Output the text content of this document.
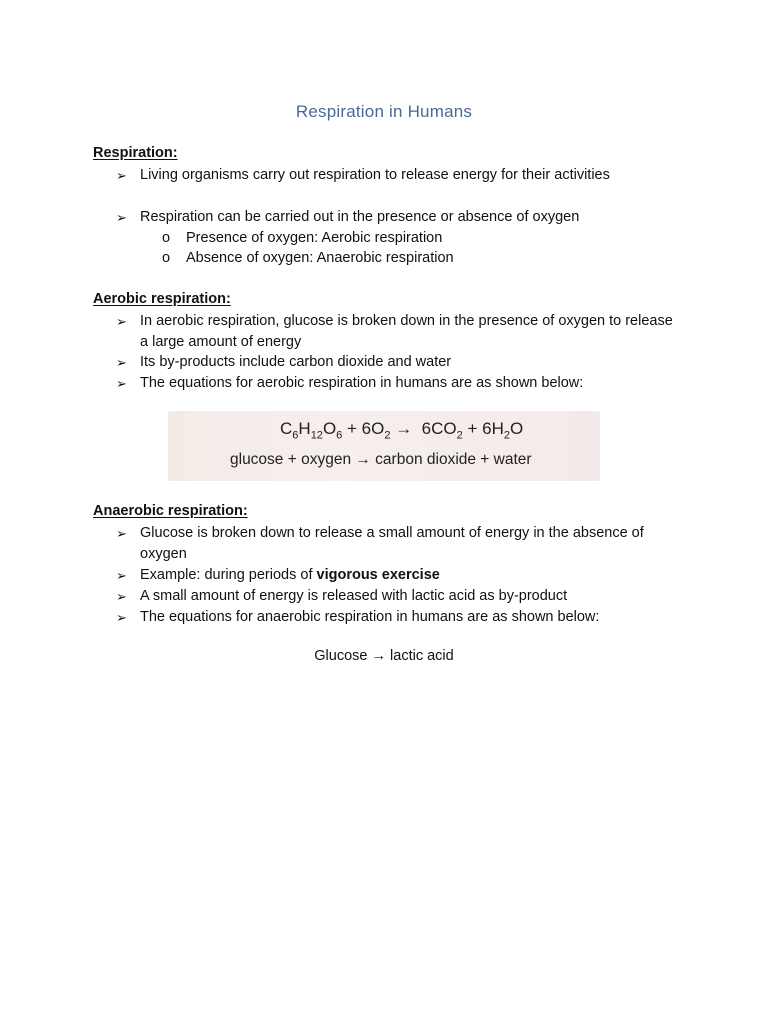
Respiration in Humans
Respiration:
➢ Living organisms carry out respiration to release energy for their activities
➢ Respiration can be carried out in the presence or absence of oxygen
o Presence of oxygen: Aerobic respiration
o Absence of oxygen: Anaerobic respiration
Aerobic respiration:
➢ In aerobic respiration, glucose is broken down in the presence of oxygen to release a large amount of energy
➢ Its by-products include carbon dioxide and water
➢ The equations for aerobic respiration in humans are as shown below:
$C_6H_{12}O_6 + 6O_2 \to 6CO_2 + 6H_2O$
glucose + oxygen → carbon dioxide + water
Anaerobic respiration:
➢ Glucose is broken down to release a small amount of energy in the absence of oxygen
➢ Example: during periods of vigorous exercise
➢ A small amount of energy is released with lactic acid as by-product
➢ The equations for anaerobic respiration in humans are as shown below:
Glucose → lactic acid
